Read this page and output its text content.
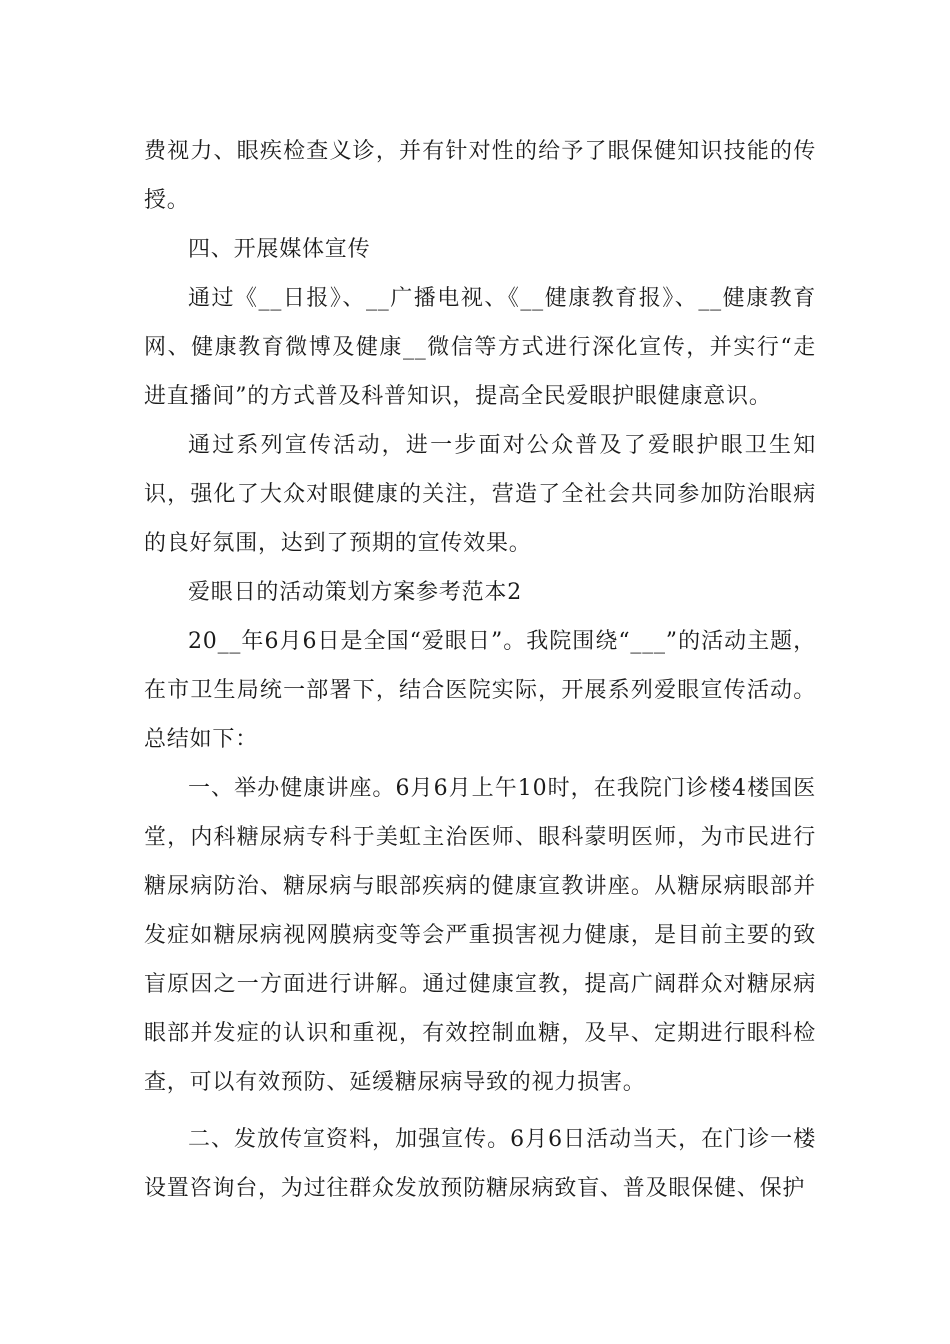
费视力、眼疾检查义诊，并有针对性的给予了眼保健知识技能的传授。

四、开展媒体宣传

通过《__日报》、__广播电视、《__健康教育报》、__健康教育网、健康教育微博及健康__微信等方式进行深化宣传，并实行“走进直播间”的方式普及科普知识，提高全民爱眼护眼健康意识。

通过系列宣传活动，进一步面对公众普及了爱眼护眼卫生知识，强化了大众对眼健康的关注，营造了全社会共同参加防治眼病的良好氛围，达到了预期的宣传效果。

爱眼日的活动策划方案参考范本2

20__年6月6日是全国“爱眼日”。我院围绕“___”的活动主题，在市卫生局统一部署下，结合医院实际，开展系列爱眼宣传活动。总结如下：

一、举办健康讲座。6月6月上午10时，在我院门诊楼4楼国医堂，内科糖尿病专科于美虹主治医师、眼科蒙明医师，为市民进行糖尿病防治、糖尿病与眼部疾病的健康宣教讲座。从糖尿病眼部并发症如糖尿病视网膜病变等会严重损害视力健康，是目前主要的致盲原因之一方面进行讲解。通过健康宣教，提高广阔群众对糖尿病眼部并发症的认识和重视，有效控制血糖，及早、定期进行眼科检查，可以有效预防、延缓糖尿病导致的视力损害。

二、发放传宣资料，加强宣传。6月6日活动当天，在门诊一楼设置咨询台，为过往群众发放预防糖尿病致盲、普及眼保健、保护
